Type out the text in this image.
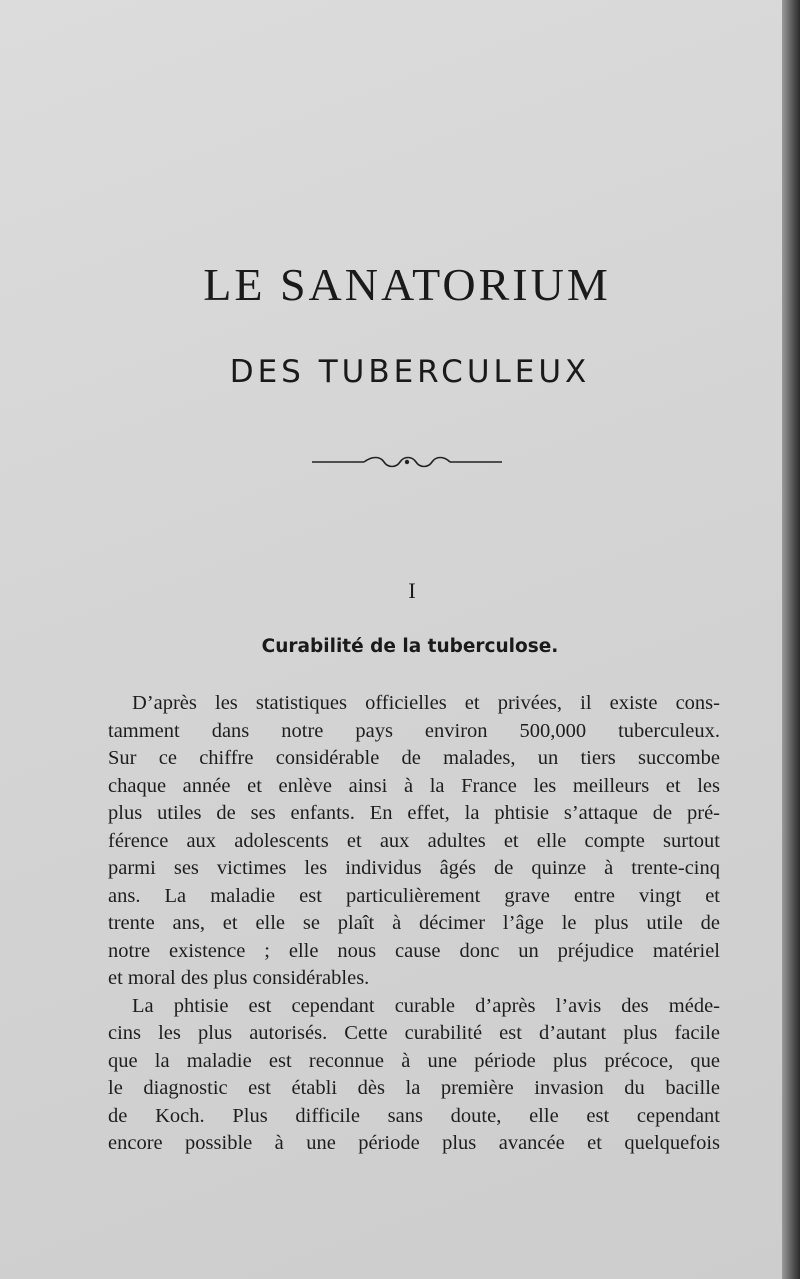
LE SANATORIUM
DES TUBERCULEUX
I
Curabilité de la tuberculose.
D’après les statistiques officielles et privées, il existe cons-
tamment dans notre pays environ 500,000 tuberculeux.
Sur ce chiffre considérable de malades, un tiers succombe
chaque année et enlève ainsi à la France les meilleurs et les
plus utiles de ses enfants. En effet, la phtisie s’attaque de pré-
férence aux adolescents et aux adultes et elle compte surtout
parmi ses victimes les individus âgés de quinze à trente-cinq
ans. La maladie est particulièrement grave entre vingt et
trente ans, et elle se plaît à décimer l’âge le plus utile de
notre existence ; elle nous cause donc un préjudice matériel
et moral des plus considérables.
La phtisie est cependant curable d’après l’avis des méde-
cins les plus autorisés. Cette curabilité est d’autant plus facile
que la maladie est reconnue à une période plus précoce, que
le diagnostic est établi dès la première invasion du bacille
de Koch. Plus difficile sans doute, elle est cependant
encore possible à une période plus avancée et quelquefois
